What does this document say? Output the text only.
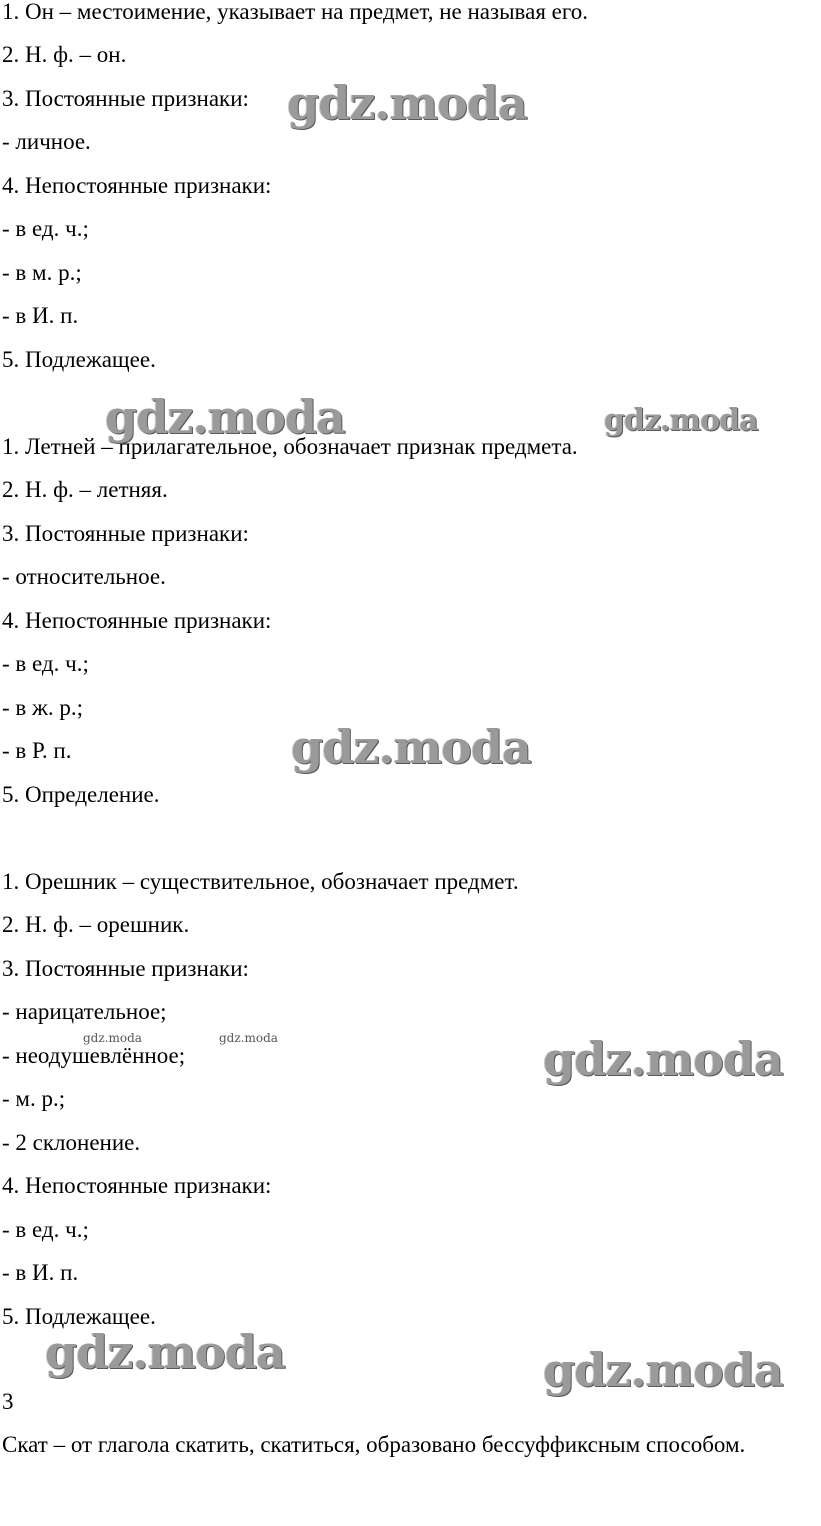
1. Он – местоимение, указывает на предмет, не называя его.
2. Н. ф. – он.
3. Постоянные признаки:
- личное.
4. Непостоянные признаки:
- в ед. ч.;
- в м. р.;
- в И. п.
5. Подлежащее.
1. Летней – прилагательное, обозначает признак предмета.
2. Н. ф. – летняя.
3. Постоянные признаки:
- относительное.
4. Непостоянные признаки:
- в ед. ч.;
- в ж. р.;
- в Р. п.
5. Определение.
1. Орешник – существительное, обозначает предмет.
2. Н. ф. – орешник.
3. Постоянные признаки:
- нарицательное;
- неодушевлённое;
- м. р.;
- 2 склонение.
4. Непостоянные признаки:
- в ед. ч.;
- в И. п.
5. Подлежащее.
3
Скат – от глагола скатить, скатиться, образовано бессуффиксным способом.
gdz.moda
gdz.moda	gdz.moda
gdz.moda
gdz.moda	gdz.moda	gdz.moda
gdz.moda	gdz.moda
